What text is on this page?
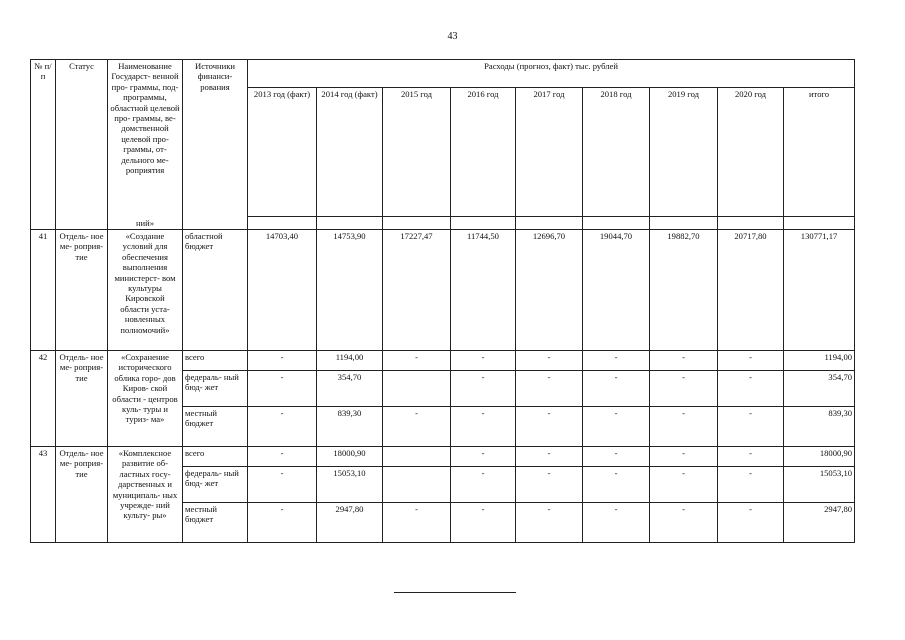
43
№ п/п	Статус	Наименование Государст- венной про- граммы, под- программы, областной целевой про- граммы, ве- домственной целевой про- граммы, от- дельного ме- роприятия	Источники финанси- рования	Расходы (прогноз, факт) тыс. рублей								
				2013 год (факт)	2014 год (факт)	2015 год	2016 год	2017 год	2018 год	2019 год	2020 год	итого
		ний»										
41	Отдель- ное ме- роприя- тие	«Создание условий для обеспечения выполнения министерст- вом культуры Кировской области уста- новленных полномочий»	областной бюджет	14703,40	14753,90	17227,47	11744,50	12696,70	19044,70	19882,70	20717,80	130771,17
42	Отдель- ное ме- роприя- тие	«Сохранение исторического облика горо- дов Киров- ской области - центров куль- туры и туриз- ма»	всего	-	1194,00	-	-	-	-	-	-	1194,00
			федераль- ный бюд- жет	-	354,70		-	-	-	-	-	354,70
			местный бюджет	-	839,30	-	-	-	-	-	-	839,30
43	Отдель- ное ме- роприя- тие	«Комплексное развитие об- ластных госу- дарственных и муниципаль- ных учрежде- ний культу- ры»	всего	-	18000,90		-	-	-	-	-	18000,90
			федераль- ный бюд- жет	-	15053,10		-	-	-	-	-	15053,10
			местный бюджет	-	2947,80	-	-	-	-	-	-	2947,80
